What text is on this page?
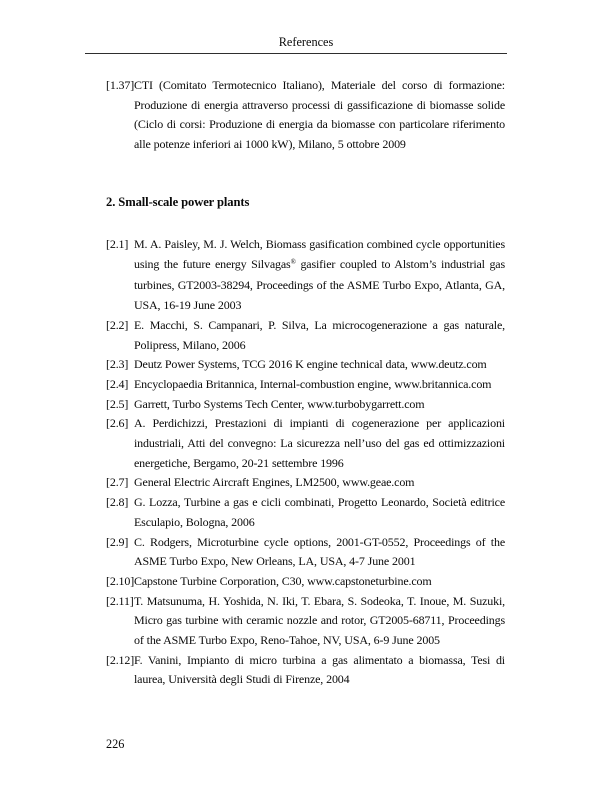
References
[1.37] CTI (Comitato Termotecnico Italiano), Materiale del corso di formazione: Produzione di energia attraverso processi di gassificazione di biomasse solide (Ciclo di corsi: Produzione di energia da biomasse con particolare riferimento alle potenze inferiori ai 1000 kW), Milano, 5 ottobre 2009
2. Small-scale power plants
[2.1] M. A. Paisley, M. J. Welch, Biomass gasification combined cycle opportunities using the future energy Silvagas® gasifier coupled to Alstom’s industrial gas turbines, GT2003-38294, Proceedings of the ASME Turbo Expo, Atlanta, GA, USA, 16-19 June 2003
[2.2] E. Macchi, S. Campanari, P. Silva, La microcogenerazione a gas naturale, Polipress, Milano, 2006
[2.3] Deutz Power Systems, TCG 2016 K engine technical data, www.deutz.com
[2.4] Encyclopaedia Britannica, Internal-combustion engine, www.britannica.com
[2.5] Garrett, Turbo Systems Tech Center, www.turbobygarrett.com
[2.6] A. Perdichizzi, Prestazioni di impianti di cogenerazione per applicazioni industriali, Atti del convegno: La sicurezza nell’uso del gas ed ottimizzazioni energetiche, Bergamo, 20-21 settembre 1996
[2.7] General Electric Aircraft Engines, LM2500, www.geae.com
[2.8] G. Lozza, Turbine a gas e cicli combinati, Progetto Leonardo, Società editrice Esculapio, Bologna, 2006
[2.9] C. Rodgers, Microturbine cycle options, 2001-GT-0552, Proceedings of the ASME Turbo Expo, New Orleans, LA, USA, 4-7 June 2001
[2.10] Capstone Turbine Corporation, C30, www.capstoneturbine.com
[2.11] T. Matsunuma, H. Yoshida, N. Iki, T. Ebara, S. Sodeoka, T. Inoue, M. Suzuki, Micro gas turbine with ceramic nozzle and rotor, GT2005-68711, Proceedings of the ASME Turbo Expo, Reno-Tahoe, NV, USA, 6-9 June 2005
[2.12] F. Vanini, Impianto di micro turbina a gas alimentato a biomassa, Tesi di laurea, Università degli Studi di Firenze, 2004
226
